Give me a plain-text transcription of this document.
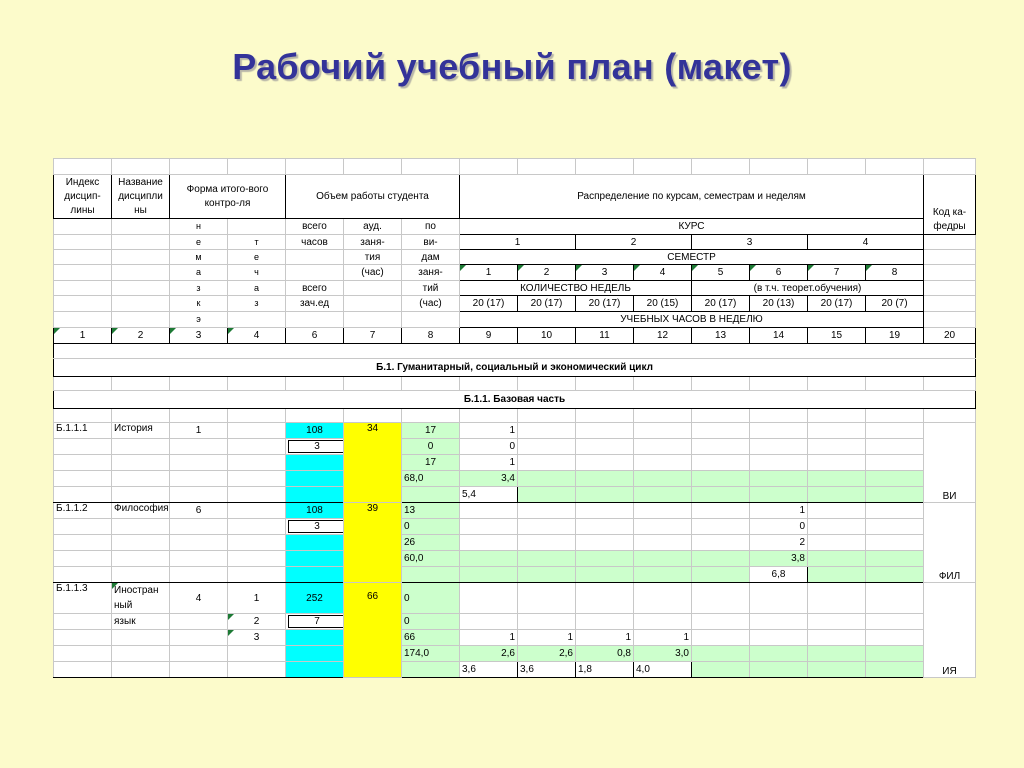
Рабочий учебный план (макет)

Индекс дисцип-лины	Название дисципли ны	Форма итого-вого контро-ля		Объем работы студента			Распределение по курсам, семестрам и неделям								Код ка-федры
		н		всего	ауд.	по	КУРС								
		е	т	часов	заня-	ви-	1		2		3		4		
		м	е		тия	дам	СЕМЕСТР								
		а	ч		(час)	заня-	1	2	3	4	5	6	7	8	
		з	а	всего		тий	КОЛИЧЕСТВО НЕДЕЛЬ				(в т.ч. теорет.обучения)				
		к	з	зач.ед		(час)	20 (17)	20 (17)	20 (17)	20 (15)	20 (17)	20 (13)	20 (17)	20 (7)	
		э					УЧЕБНЫХ ЧАСОВ В НЕДЕЛЮ								
1	2	3	4	6	7	8	9	10	11	12	13	14	15	19	20

Б.1. Гуманитарный, социальный и экономический цикл															

Б.1.1. Базовая часть															

Б.1.1.1	История	1		108	34	17	1								ВИ
				3		0	0								
						17	1								
						68,0	3,4								
							5,4								
Б.1.1.2	Философия	6		108	39	13						1			ФИЛ
				3		0						0			
						26						2			
						60,0						3,8			
												6,8			
Б.1.1.3	Иностран ный	4	1	252	66	0									ИЯ
	язык		2	7		0									
			3			66	1	1	1	1					
						174,0	2,6	2,6	0,8	3,0					
							3,6	3,6	1,8	4,0					
